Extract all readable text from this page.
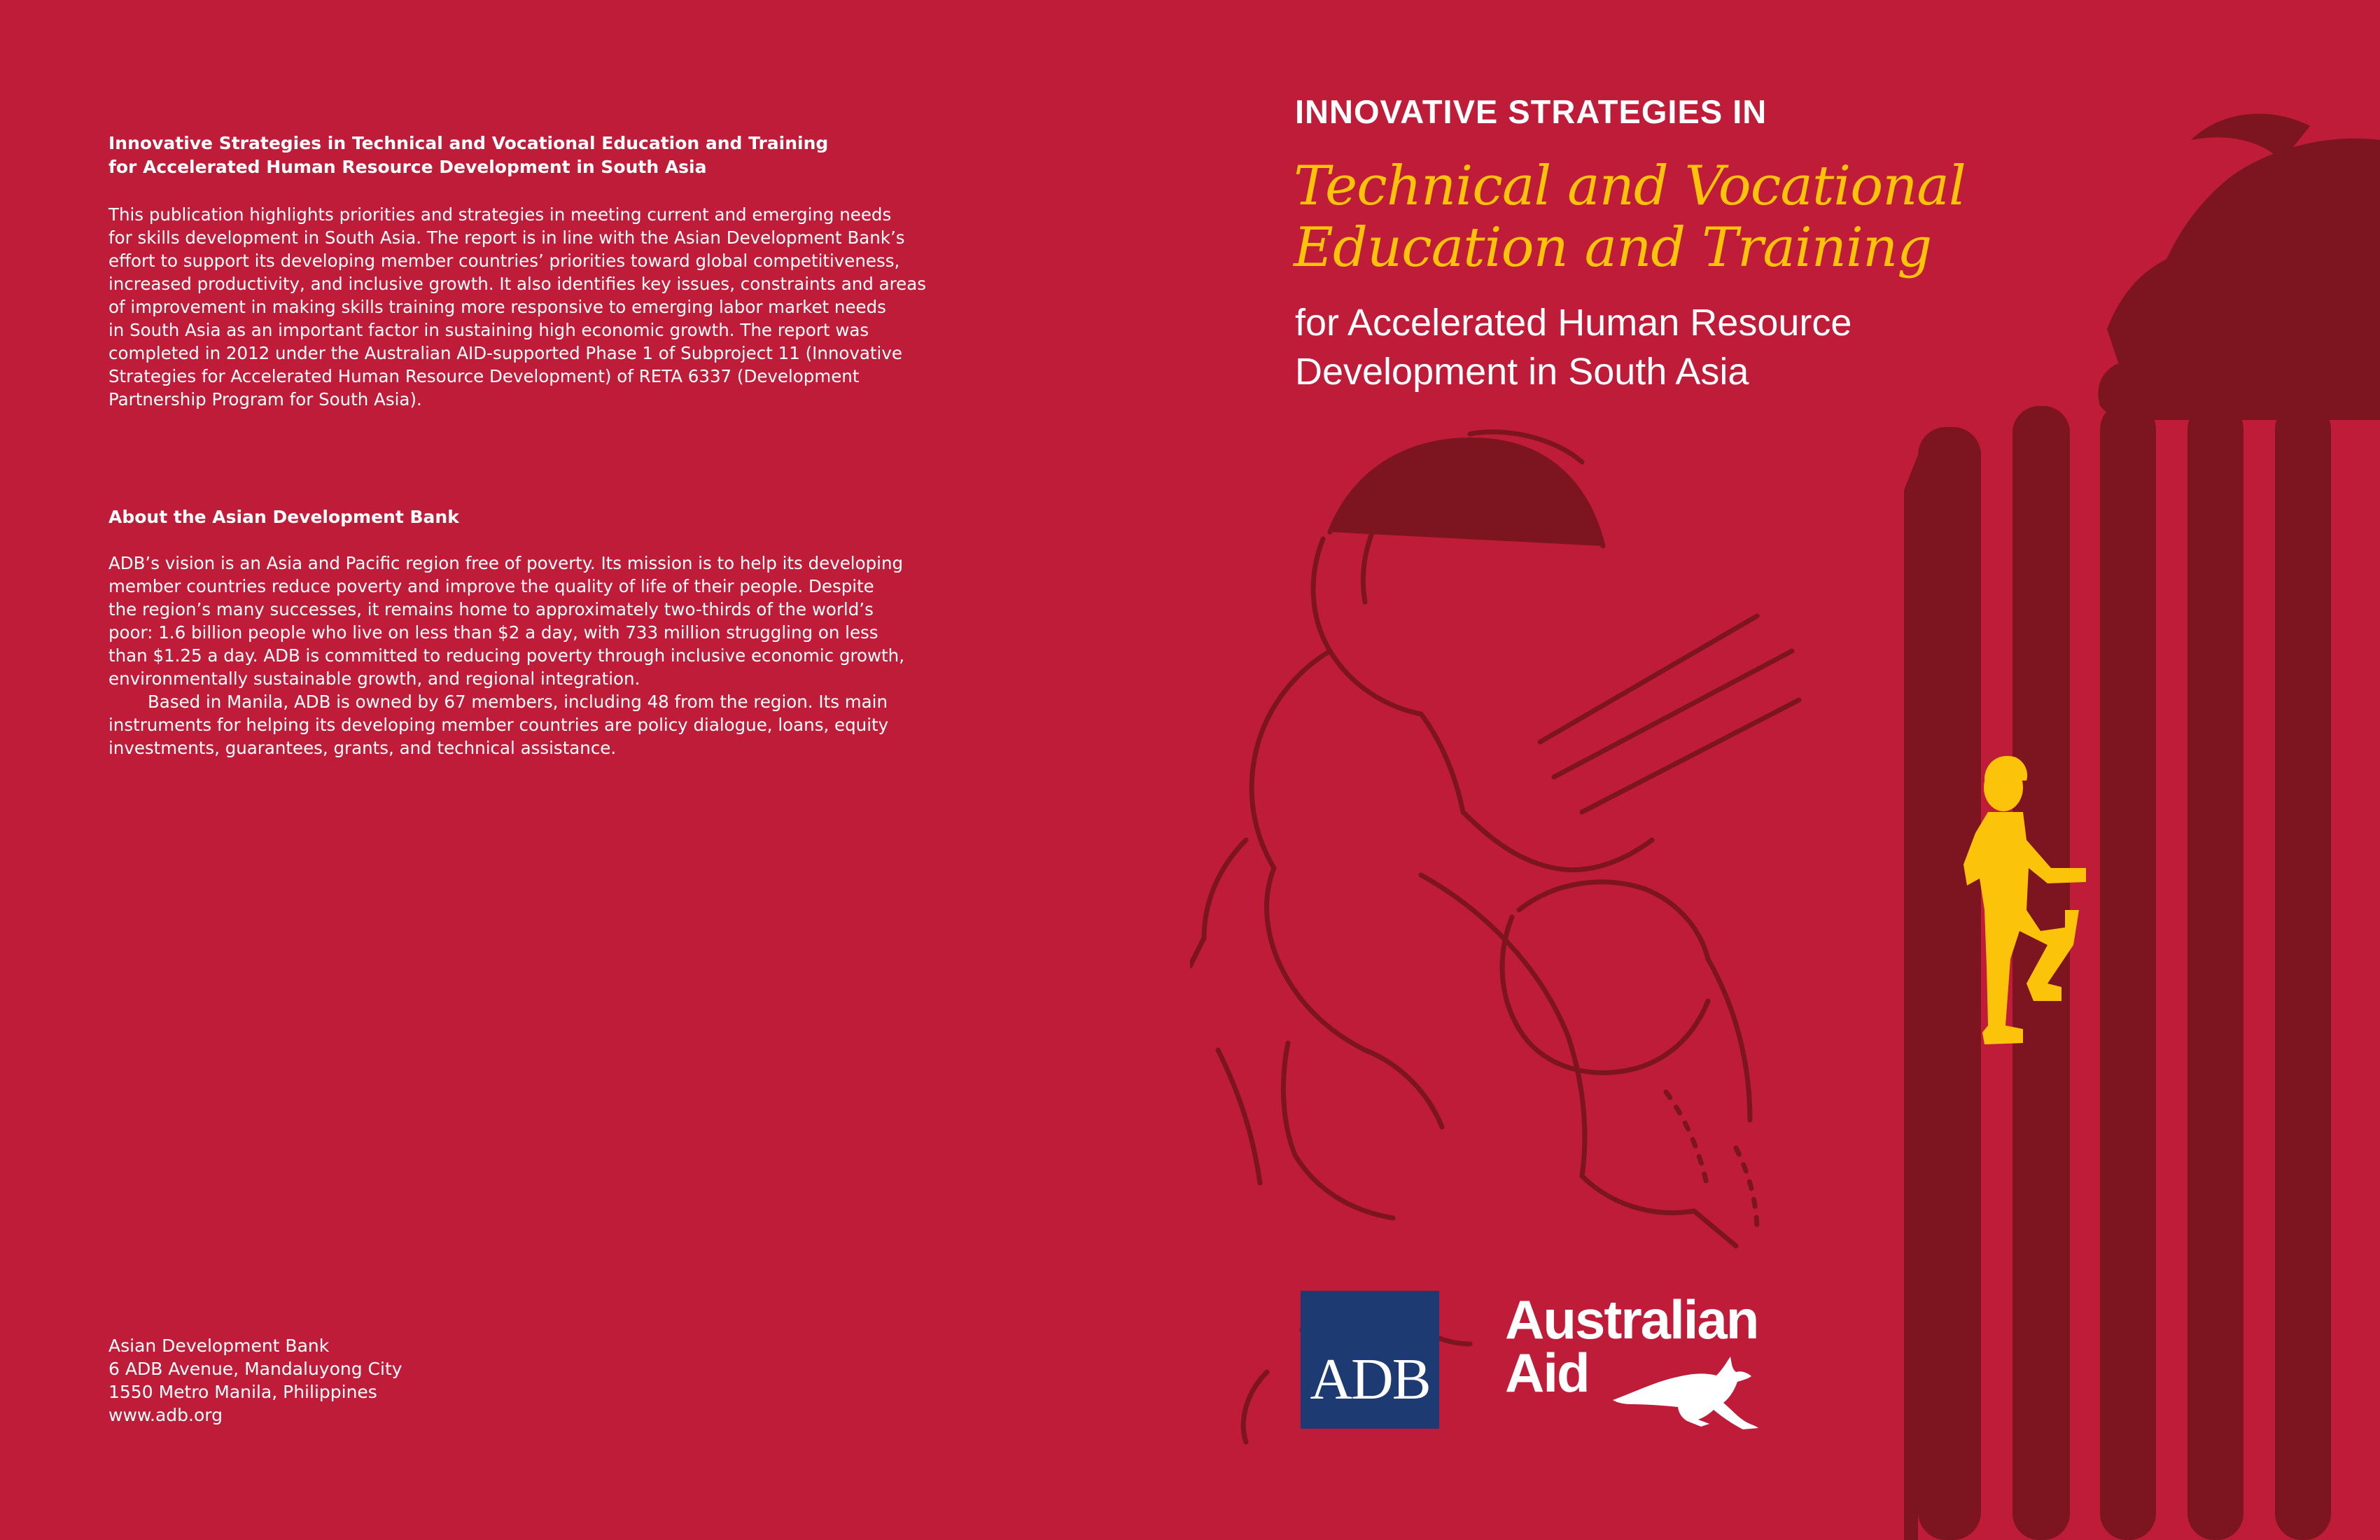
Innovative Strategies in Technical and Vocational Education and Training
for Accelerated Human Resource Development in South Asia
This publication highlights priorities and strategies in meeting current and emerging needs
for skills development in South Asia. The report is in line with the Asian Development Bank’s
effort to support its developing member countries’ priorities toward global competitiveness,
increased productivity, and inclusive growth. It also identifies key issues, constraints and areas
of improvement in making skills training more responsive to emerging labor market needs
in South Asia as an important factor in sustaining high economic growth. The report was
completed in 2012 under the Australian AID-supported Phase 1 of Subproject 11 (Innovative
Strategies for Accelerated Human Resource Development) of RETA 6337 (Development
Partnership Program for South Asia).
About the Asian Development Bank
ADB’s vision is an Asia and Pacific region free of poverty. Its mission is to help its developing
member countries reduce poverty and improve the quality of life of their people. Despite
the region’s many successes, it remains home to approximately two-thirds of the world’s
poor: 1.6 billion people who live on less than $2 a day, with 733 million struggling on less
than $1.25 a day. ADB is committed to reducing poverty through inclusive economic growth,
environmentally sustainable growth, and regional integration.
Based in Manila, ADB is owned by 67 members, including 48 from the region. Its main
instruments for helping its developing member countries are policy dialogue, loans, equity
investments, guarantees, grants, and technical assistance.
Asian Development Bank
6 ADB Avenue, Mandaluyong City
1550 Metro Manila, Philippines
www.adb.org
INNOVATIVE STRATEGIES IN
Technical and Vocational
Education and Training
for Accelerated Human Resource
Development in South Asia
ADB
Australian
Aid
